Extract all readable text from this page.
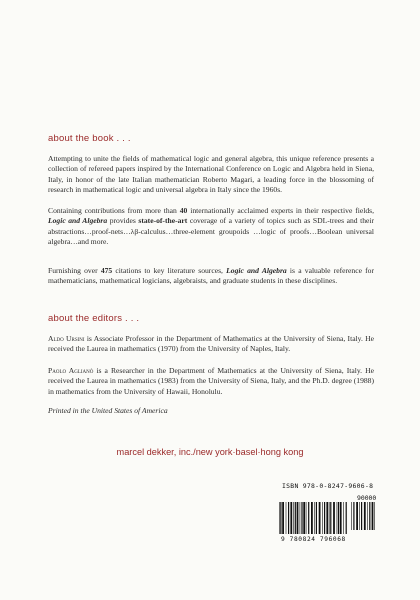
about the book . . .

Attempting to unite the fields of mathematical logic and general algebra, this unique reference presents a collection of refereed papers inspired by the International Conference on Logic and Algebra held in Siena, Italy, in honor of the late Italian mathematician Roberto Magari, a leading force in the blossoming of research in mathematical logic and universal algebra in Italy since the 1960s.

Containing contributions from more than 40 internationally acclaimed experts in their respective fields, Logic and Algebra provides state-of-the-art coverage of a variety of topics such as SDL-trees and their abstractions…proof-nets…λβ-calculus…three-element groupoids …logic of proofs…Boolean universal algebra…and more.

Furnishing over 475 citations to key literature sources, Logic and Algebra is a valuable reference for mathematicians, mathematical logicians, algebraists, and graduate students in these disciplines.

about the editors . . .

Aldo Ursini is Associate Professor in the Department of Mathematics at the University of Siena, Italy. He received the Laurea in mathematics (1970) from the University of Naples, Italy.

Paolo Aglianò is a Researcher in the Department of Mathematics at the University of Siena, Italy. He received the Laurea in mathematics (1983) from the University of Siena, Italy, and the Ph.D. degree (1988) in mathematics from the University of Hawaii, Honolulu.

Printed in the United States of America
marcel dekker, inc./new york·basel·hong kong
ISBN 978-0-8247-9606-8
90000
9 780824 796068
